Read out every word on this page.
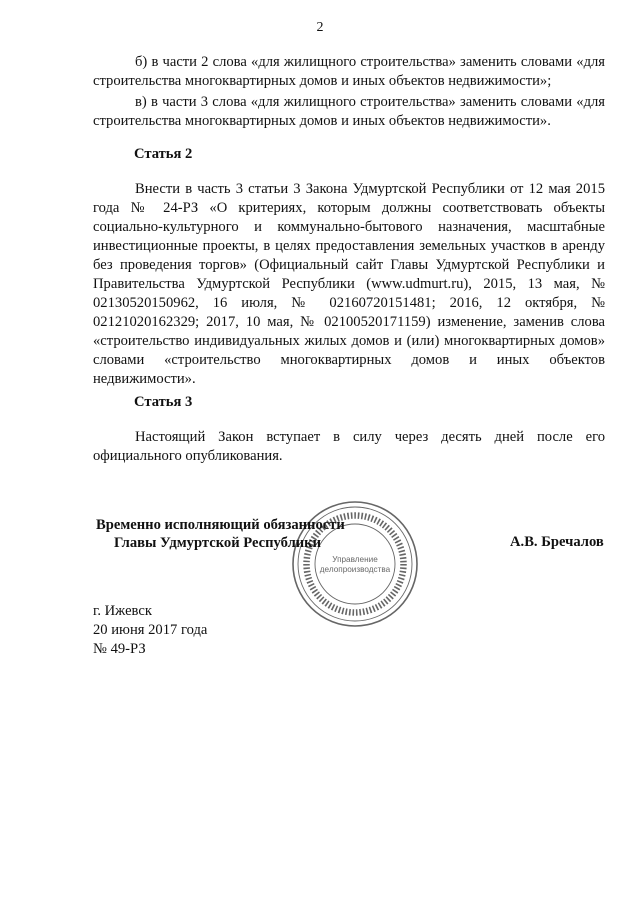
2

б) в части 2 слова «для жилищного строительства» заменить словами «для строительства многоквартирных домов и иных объектов недвижимости»;

в) в части 3 слова «для жилищного строительства» заменить словами «для строительства многоквартирных домов и иных объектов недвижимости».

Статья 2

Внести в часть 3 статьи 3 Закона Удмуртской Республики от 12 мая 2015 года № 24-РЗ «О критериях, которым должны соответствовать объекты социально-культурного и коммунально-бытового назначения, масштабные инвестиционные проекты, в целях предоставления земельных участков в аренду без проведения торгов» (Официальный сайт Главы Удмуртской Республики и Правительства Удмуртской Республики (www.udmurt.ru), 2015, 13 мая, № 02130520150962, 16 июля, № 02160720151481; 2016, 12 октября, № 02121020162329; 2017, 10 мая, № 02100520171159) изменение, заменив слова «строительство индивидуальных жилых домов и (или) многоквартирных домов» словами «строительство многоквартирных домов и иных объектов недвижимости».

Статья 3

Настоящий Закон вступает в силу через десять дней после его официального опубликования.

Управление
делопроизводства
Временно исполняющий обязанности
Главы Удмуртской Республики	А.В. Бречалов
г. Ижевск
20 июня 2017 года
№ 49-РЗ
